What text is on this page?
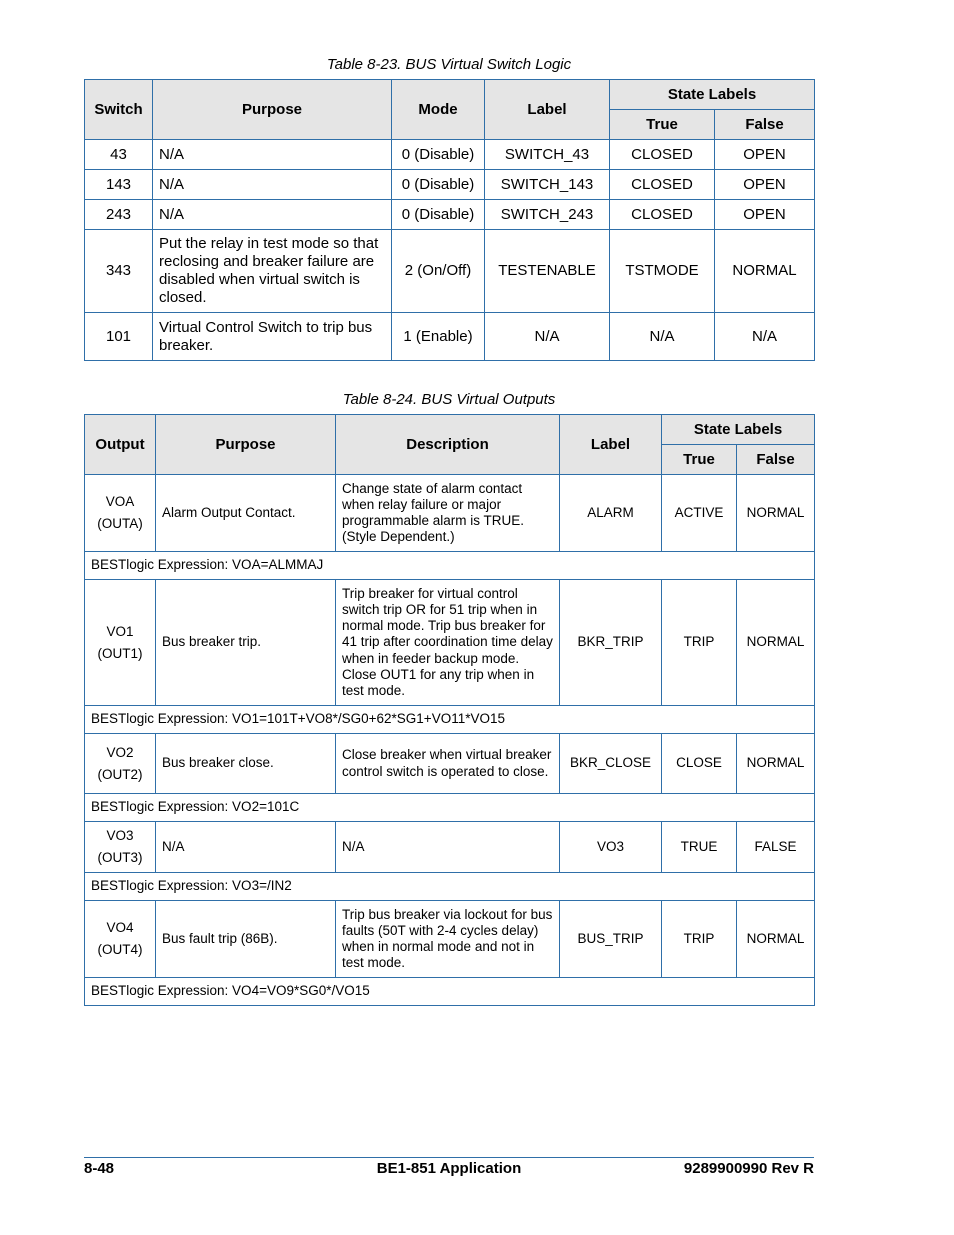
Table 8-23. BUS Virtual Switch Logic
Switch	Purpose	Mode	Label	State Labels	
				True	False
43	N/A	0 (Disable)	SWITCH_43	CLOSED	OPEN
143	N/A	0 (Disable)	SWITCH_143	CLOSED	OPEN
243	N/A	0 (Disable)	SWITCH_243	CLOSED	OPEN
343	Put the relay in test mode so that reclosing and breaker failure are disabled when virtual switch is closed.	2 (On/Off)	TESTENABLE	TSTMODE	NORMAL
101	Virtual Control Switch to trip bus breaker.	1 (Enable)	N/A	N/A	N/A
Table 8-24. BUS Virtual Outputs
Output	Purpose	Description	Label	State Labels	
				True	False

VOA
(OUTA)	Alarm Output Contact.	Change state of alarm contact when relay failure or major programmable alarm is TRUE. (Style Dependent.)	ALARM	ACTIVE	NORMAL
BESTlogic Expression: VOA=ALMMAJ					

VO1
(OUT1)	Bus breaker trip.	Trip breaker for virtual control switch trip OR for 51 trip when in normal mode. Trip bus breaker for 41 trip after coordination time delay when in feeder backup mode. Close OUT1 for any trip when in test mode.	BKR_TRIP	TRIP	NORMAL
BESTlogic Expression: VO1=101T+VO8*/SG0+62*SG1+VO11*VO15					

VO2
(OUT2)	Bus breaker close.	Close breaker when virtual breaker control switch is operated to close.	BKR_CLOSE	CLOSE	NORMAL
BESTlogic Expression: VO2=101C					

VO3
(OUT3)	N/A	N/A	VO3	TRUE	FALSE
BESTlogic Expression: VO3=/IN2					

VO4
(OUT4)	Bus fault trip (86B).	Trip bus breaker via lockout for bus faults (50T with 2-4 cycles delay) when in normal mode and not in test mode.	BUS_TRIP	TRIP	NORMAL
BESTlogic Expression: VO4=VO9*SG0*/VO15					
8-48	BE1-851 Application	9289900990 Rev R
